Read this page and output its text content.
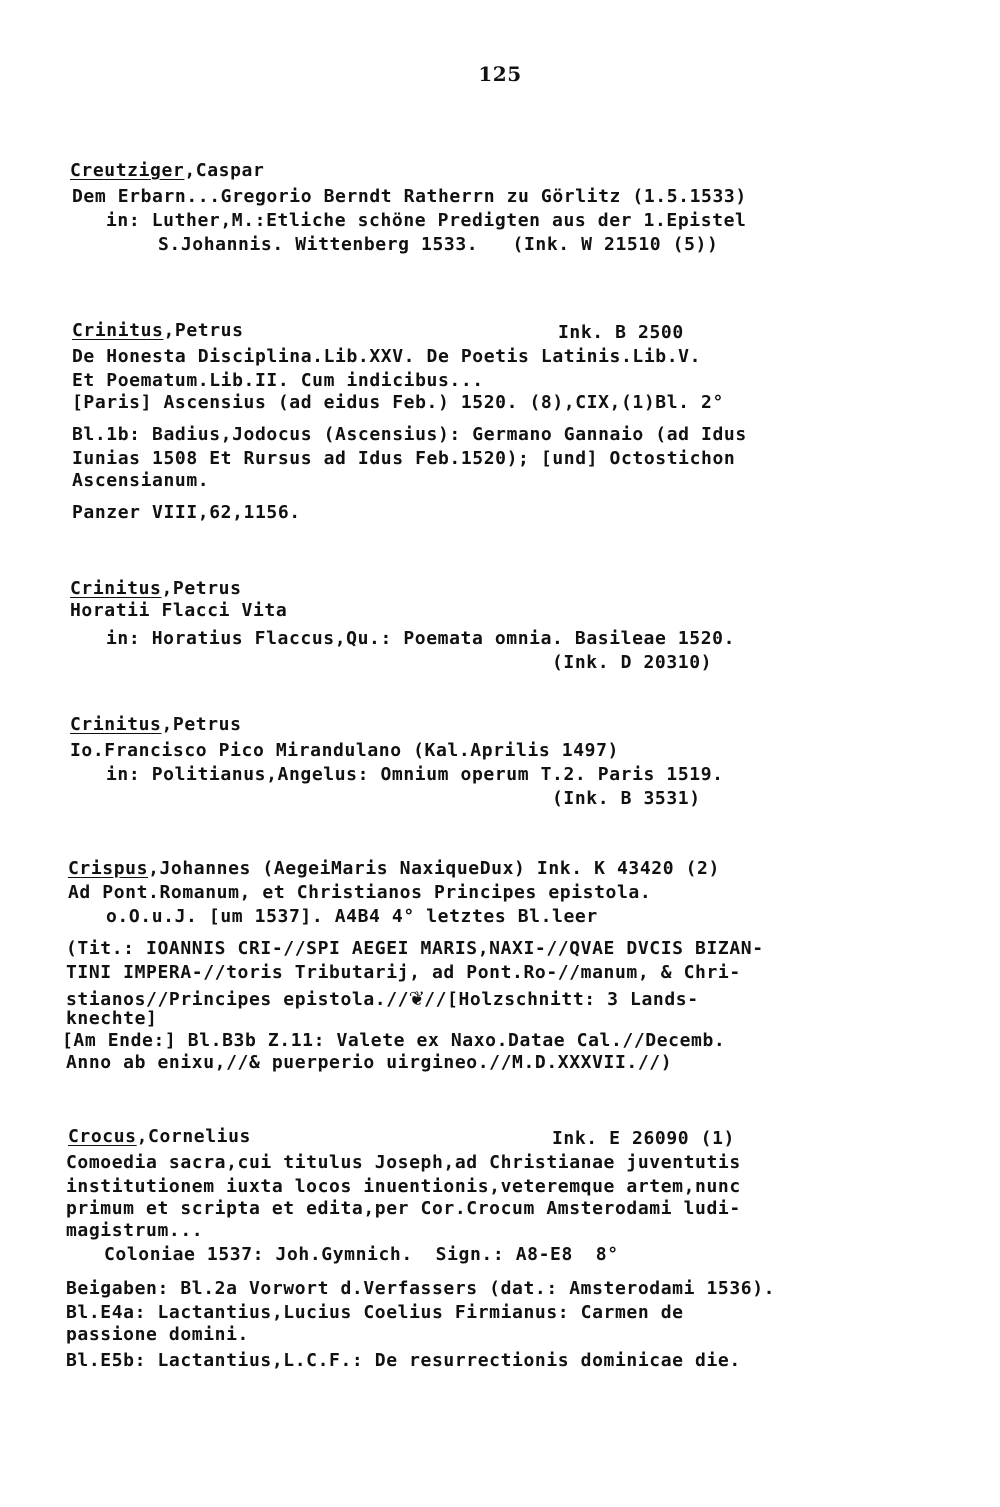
125
Creutziger,Caspar
Dem Erbarn...Gregorio Berndt Ratherrn zu Görlitz (1.5.1533)
in: Luther,M.:Etliche schöne Predigten aus der 1.Epistel
S.Johannis. Wittenberg 1533.   (Ink. W 21510 (5))
Crinitus,Petrus	Ink. B 2500
De Honesta Disciplina.Lib.XXV. De Poetis Latinis.Lib.V.
Et Poematum.Lib.II. Cum indicibus...
[Paris] Ascensius (ad eidus Feb.) 1520. (8),CIX,(1)Bl. 2°
Bl.1b: Badius,Jodocus (Ascensius): Germano Gannaio (ad Idus
Iunias 1508 Et Rursus ad Idus Feb.1520); [und] Octostichon
Ascensianum.
Panzer VIII,62,1156.
Crinitus,Petrus
Horatii Flacci Vita
in: Horatius Flaccus,Qu.: Poemata omnia. Basileae 1520.
(Ink. D 20310)
Crinitus,Petrus
Io.Francisco Pico Mirandulano (Kal.Aprilis 1497)
in: Politianus,Angelus: Omnium operum T.2. Paris 1519.
(Ink. B 3531)
Crispus,Johannes (AegeiMaris NaxiqueDux) Ink. K 43420 (2)
Ad Pont.Romanum, et Christianos Principes epistola.
o.O.u.J. [um 1537]. A4B4 4° letztes Bl.leer
(Tit.: IOANNIS CRI-//SPI AEGEI MARIS,NAXI-//QVAE DVCIS BIZAN-
TINI IMPERA-//toris Tributarij, ad Pont.Ro-//manum, & Chri-
stianos//Principes epistola.//❦//[Holzschnitt: 3 Lands-
knechte]
[Am Ende:] Bl.B3b Z.11: Valete ex Naxo.Datae Cal.//Decemb.
Anno ab enixu,//& puerperio uirgineo.//M.D.XXXVII.//)
Crocus,Cornelius	Ink. E 26090 (1)
Comoedia sacra,cui titulus Joseph,ad Christianae juventutis
institutionem iuxta locos inuentionis,veteremque artem,nunc
primum et scripta et edita,per Cor.Crocum Amsterodami ludi-
magistrum...
Coloniae 1537: Joh.Gymnich.  Sign.: A8-E8  8°
Beigaben: Bl.2a Vorwort d.Verfassers (dat.: Amsterodami 1536).
Bl.E4a: Lactantius,Lucius Coelius Firmianus: Carmen de
passione domini.
Bl.E5b: Lactantius,L.C.F.: De resurrectionis dominicae die.
